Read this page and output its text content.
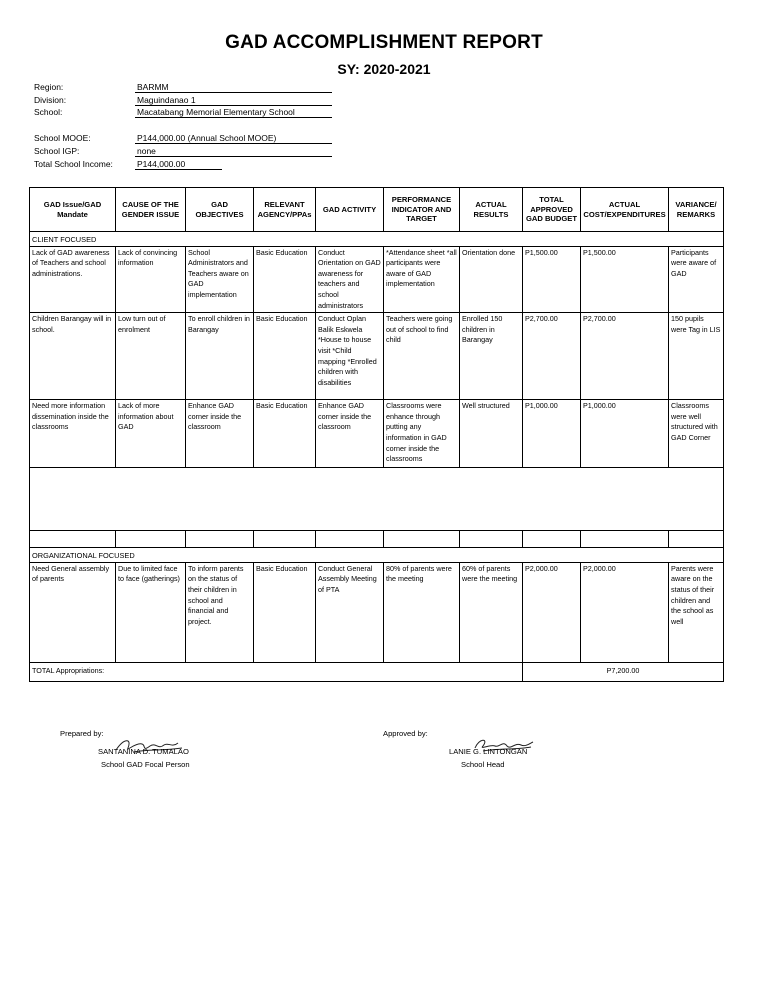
GAD ACCOMPLISHMENT REPORT
SY: 2020-2021
Region:	BARMM
Division:	Maguindanao 1
School:	Macatabang Memorial Elementary School
School MOOE:	P144,000.00 (Annual School MOOE)
School IGP:	none
Total School Income:	P144,000.00
GAD Issue/GAD Mandate	CAUSE OF THE GENDER ISSUE	GAD OBJECTIVES	RELEVANT AGENCY/PPAs	GAD ACTIVITY	PERFORMANCE INDICATOR AND TARGET	ACTUAL RESULTS	TOTAL APPROVED GAD BUDGET	ACTUAL COST/EXPENDITURES	VARIANCE/ REMARKS
CLIENT FOCUSED									
Lack of GAD awareness of Teachers and school administrations.	Lack of convincing information	School Administrators and Teachers aware on GAD implementation	Basic Education	Conduct Orientation on GAD awareness for teachers and school administrators	*Attendance sheet *all participants were aware of GAD implementation	Orientation done	P1,500.00	P1,500.00	Participants were aware of GAD
Children Barangay will in school.	Low turn out of enrolment	To enroll children in Barangay	Basic Education	Conduct Oplan Balik Eskwela *House to house visit *Child mapping *Enrolled children with disabilities	Teachers were going out of school to find child	Enrolled 150 children in Barangay	P2,700.00	P2,700.00	150 pupils were Tag in LIS
Need more information dissemination inside the classrooms	Lack of more information about GAD	Enhance GAD corner inside the classroom	Basic Education	Enhance GAD corner inside the classroom	Classrooms were enhance through putting any information in GAD corner inside the classrooms	Well structured	P1,000.00	P1,000.00	Classrooms were well structured with GAD Corner

ORGANIZATIONAL FOCUSED									
Need General assembly of parents	Due to limited face to face (gatherings)	To inform parents on the status of their children in school and financial and project.	Basic Education	Conduct General Assembly Meeting of PTA	80% of parents were the meeting	60% of parents were the meeting	P2,000.00	P2,000.00	Parents were aware on the status of their children and the school as well
TOTAL Appropriations:							P7,200.00		
Prepared by:
SANTANINA D. TUMALAO
School GAD Focal Person
Approved by:
LANIE G. LINTONGAN
School Head
